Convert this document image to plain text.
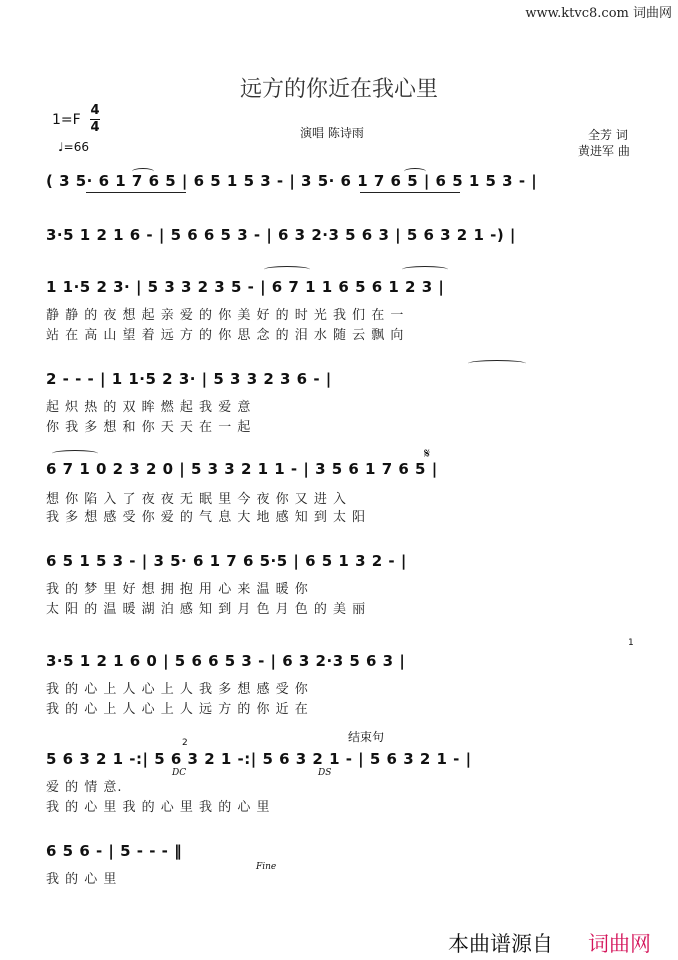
www.ktvc8.com 词曲网
远方的你近在我心里
1=F
4
4
♩=66
演唱 陈诗雨	全芳 词
黄进军 曲
( 3 5· 6 1 7 6 5 | 6 5 1 5 3 - | 3 5· 6 1 7 6 5 | 6 5 1 5 3 - |
3·5 1 2 1 6 - | 5 6 6 5 3 - | 6 3 2·3 5 6 3 | 5 6 3 2 1 -) |
1 1·5 2 3· | 5 3 3 2 3 5 - | 6 7 1 1 6 5 6 1 2 3 |
静 静 的 夜 想 起 亲 爱 的 你 美 好 的 时 光 我 们 在 一
站 在 高 山 望 着 远 方 的 你 思 念 的 泪 水 随 云 飘 向
2 - - - | 1 1·5 2 3· | 5 3 3 2 3 6 - |
起 炽 热 的 双 眸 燃 起 我 爱 意
你 我 多 想 和 你 天 天 在 一 起
6 7 1 0 2 3 2 0 | 5 3 3 2 1 1 - | 3 5 6 1 7 6 5 |
想 你 陷 入 了 夜 夜 无 眠 里 今 夜 你 又 进 入
我 多 想 感 受 你 爱 的 气 息 大 地 感 知 到 太 阳
𝄋
6 5 1 5 3 - | 3 5· 6 1 7 6 5·5 | 6 5 1 3 2 - |
我 的 梦 里 好 想 拥 抱 用 心 来 温 暖 你
太 阳 的 温 暖 湖 泊 感 知 到 月 色 月 色 的 美 丽
3·5 1 2 1 6 0 | 5 6 6 5 3 - | 6 3 2·3 5 6 3 |
我 的 心 上 人 心 上 人 我 多 想 感 受 你
我 的 心 上 人 心 上 人 远 方 的 你 近 在
1
结束句
2
5 6 3 2 1 -:| 5 6 3 2 1 -:| 5 6 3 2 1 - | 5 6 3 2 1 - |
DC	DS
爱 的 情 意.
我 的 心 里 我 的 心 里 我 的 心 里
6 5 6 - | 5 - - - ‖
Fine
我 的 心 里
本曲谱源自 词曲网
